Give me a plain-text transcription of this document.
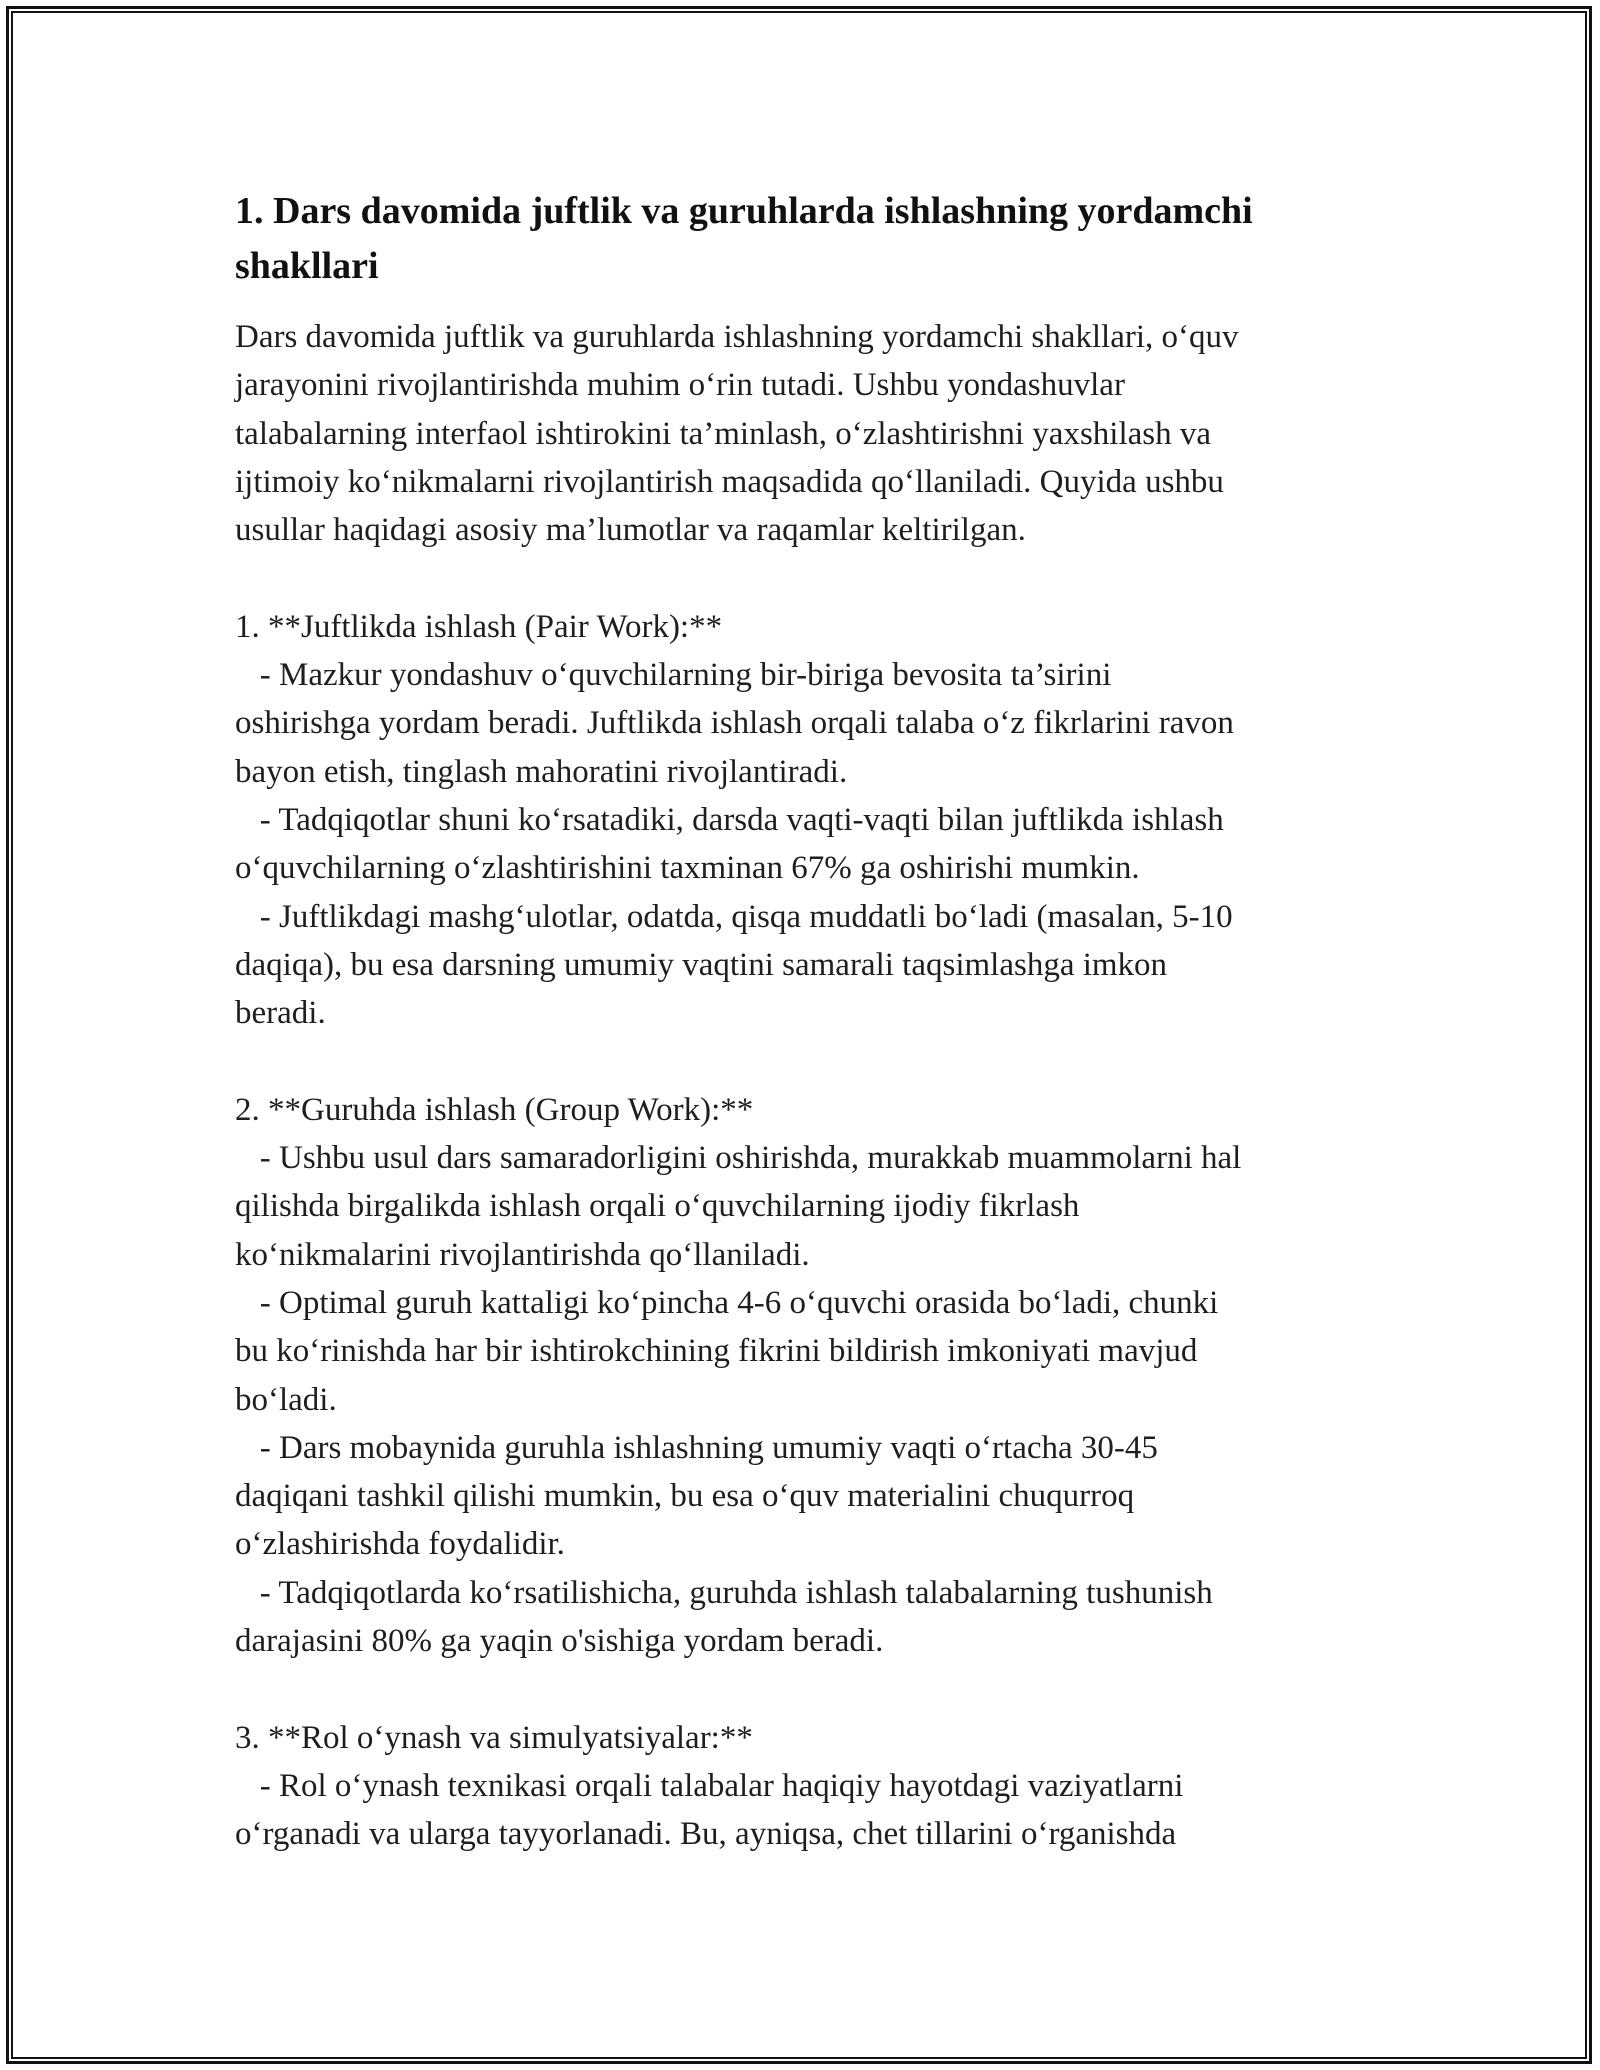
1. Dars davomida juftlik va guruhlarda ishlashning yordamchi shakllari

Dars davomida juftlik va guruhlarda ishlashning yordamchi shakllari, o‘quv

jarayonini rivojlantirishda muhim o‘rin tutadi. Ushbu yondashuvlar

talabalarning interfaol ishtirokini ta’minlash, o‘zlashtirishni yaxshilash va

ijtimoiy ko‘nikmalarni rivojlantirish maqsadida qo‘llaniladi. Quyida ushbu

usullar haqidagi asosiy ma’lumotlar va raqamlar keltirilgan.

1. **Juftlikda ishlash (Pair Work):**

- Mazkur yondashuv o‘quvchilarning bir-biriga bevosita ta’sirini

oshirishga yordam beradi. Juftlikda ishlash orqali talaba o‘z fikrlarini ravon

bayon etish, tinglash mahoratini rivojlantiradi.

- Tadqiqotlar shuni ko‘rsatadiki, darsda vaqti-vaqti bilan juftlikda ishlash

o‘quvchilarning o‘zlashtirishini taxminan 67% ga oshirishi mumkin.

- Juftlikdagi mashg‘ulotlar, odatda, qisqa muddatli bo‘ladi (masalan, 5-10

daqiqa), bu esa darsning umumiy vaqtini samarali taqsimlashga imkon

beradi.

2. **Guruhda ishlash (Group Work):**

- Ushbu usul dars samaradorligini oshirishda, murakkab muammolarni hal

qilishda birgalikda ishlash orqali o‘quvchilarning ijodiy fikrlash

ko‘nikmalarini rivojlantirishda qo‘llaniladi.

- Optimal guruh kattaligi ko‘pincha 4-6 o‘quvchi orasida bo‘ladi, chunki

bu ko‘rinishda har bir ishtirokchining fikrini bildirish imkoniyati mavjud

bo‘ladi.

- Dars mobaynida guruhla ishlashning umumiy vaqti o‘rtacha 30-45

daqiqani tashkil qilishi mumkin, bu esa o‘quv materialini chuqurroq

o‘zlashirishda foydalidir.

- Tadqiqotlarda ko‘rsatilishicha, guruhda ishlash talabalarning tushunish

darajasini 80% ga yaqin o'sishiga yordam beradi.

3. **Rol o‘ynash va simulyatsiyalar:**

- Rol o‘ynash texnikasi orqali talabalar haqiqiy hayotdagi vaziyatlarni

o‘rganadi va ularga tayyorlanadi. Bu, ayniqsa, chet tillarini o‘rganishda
